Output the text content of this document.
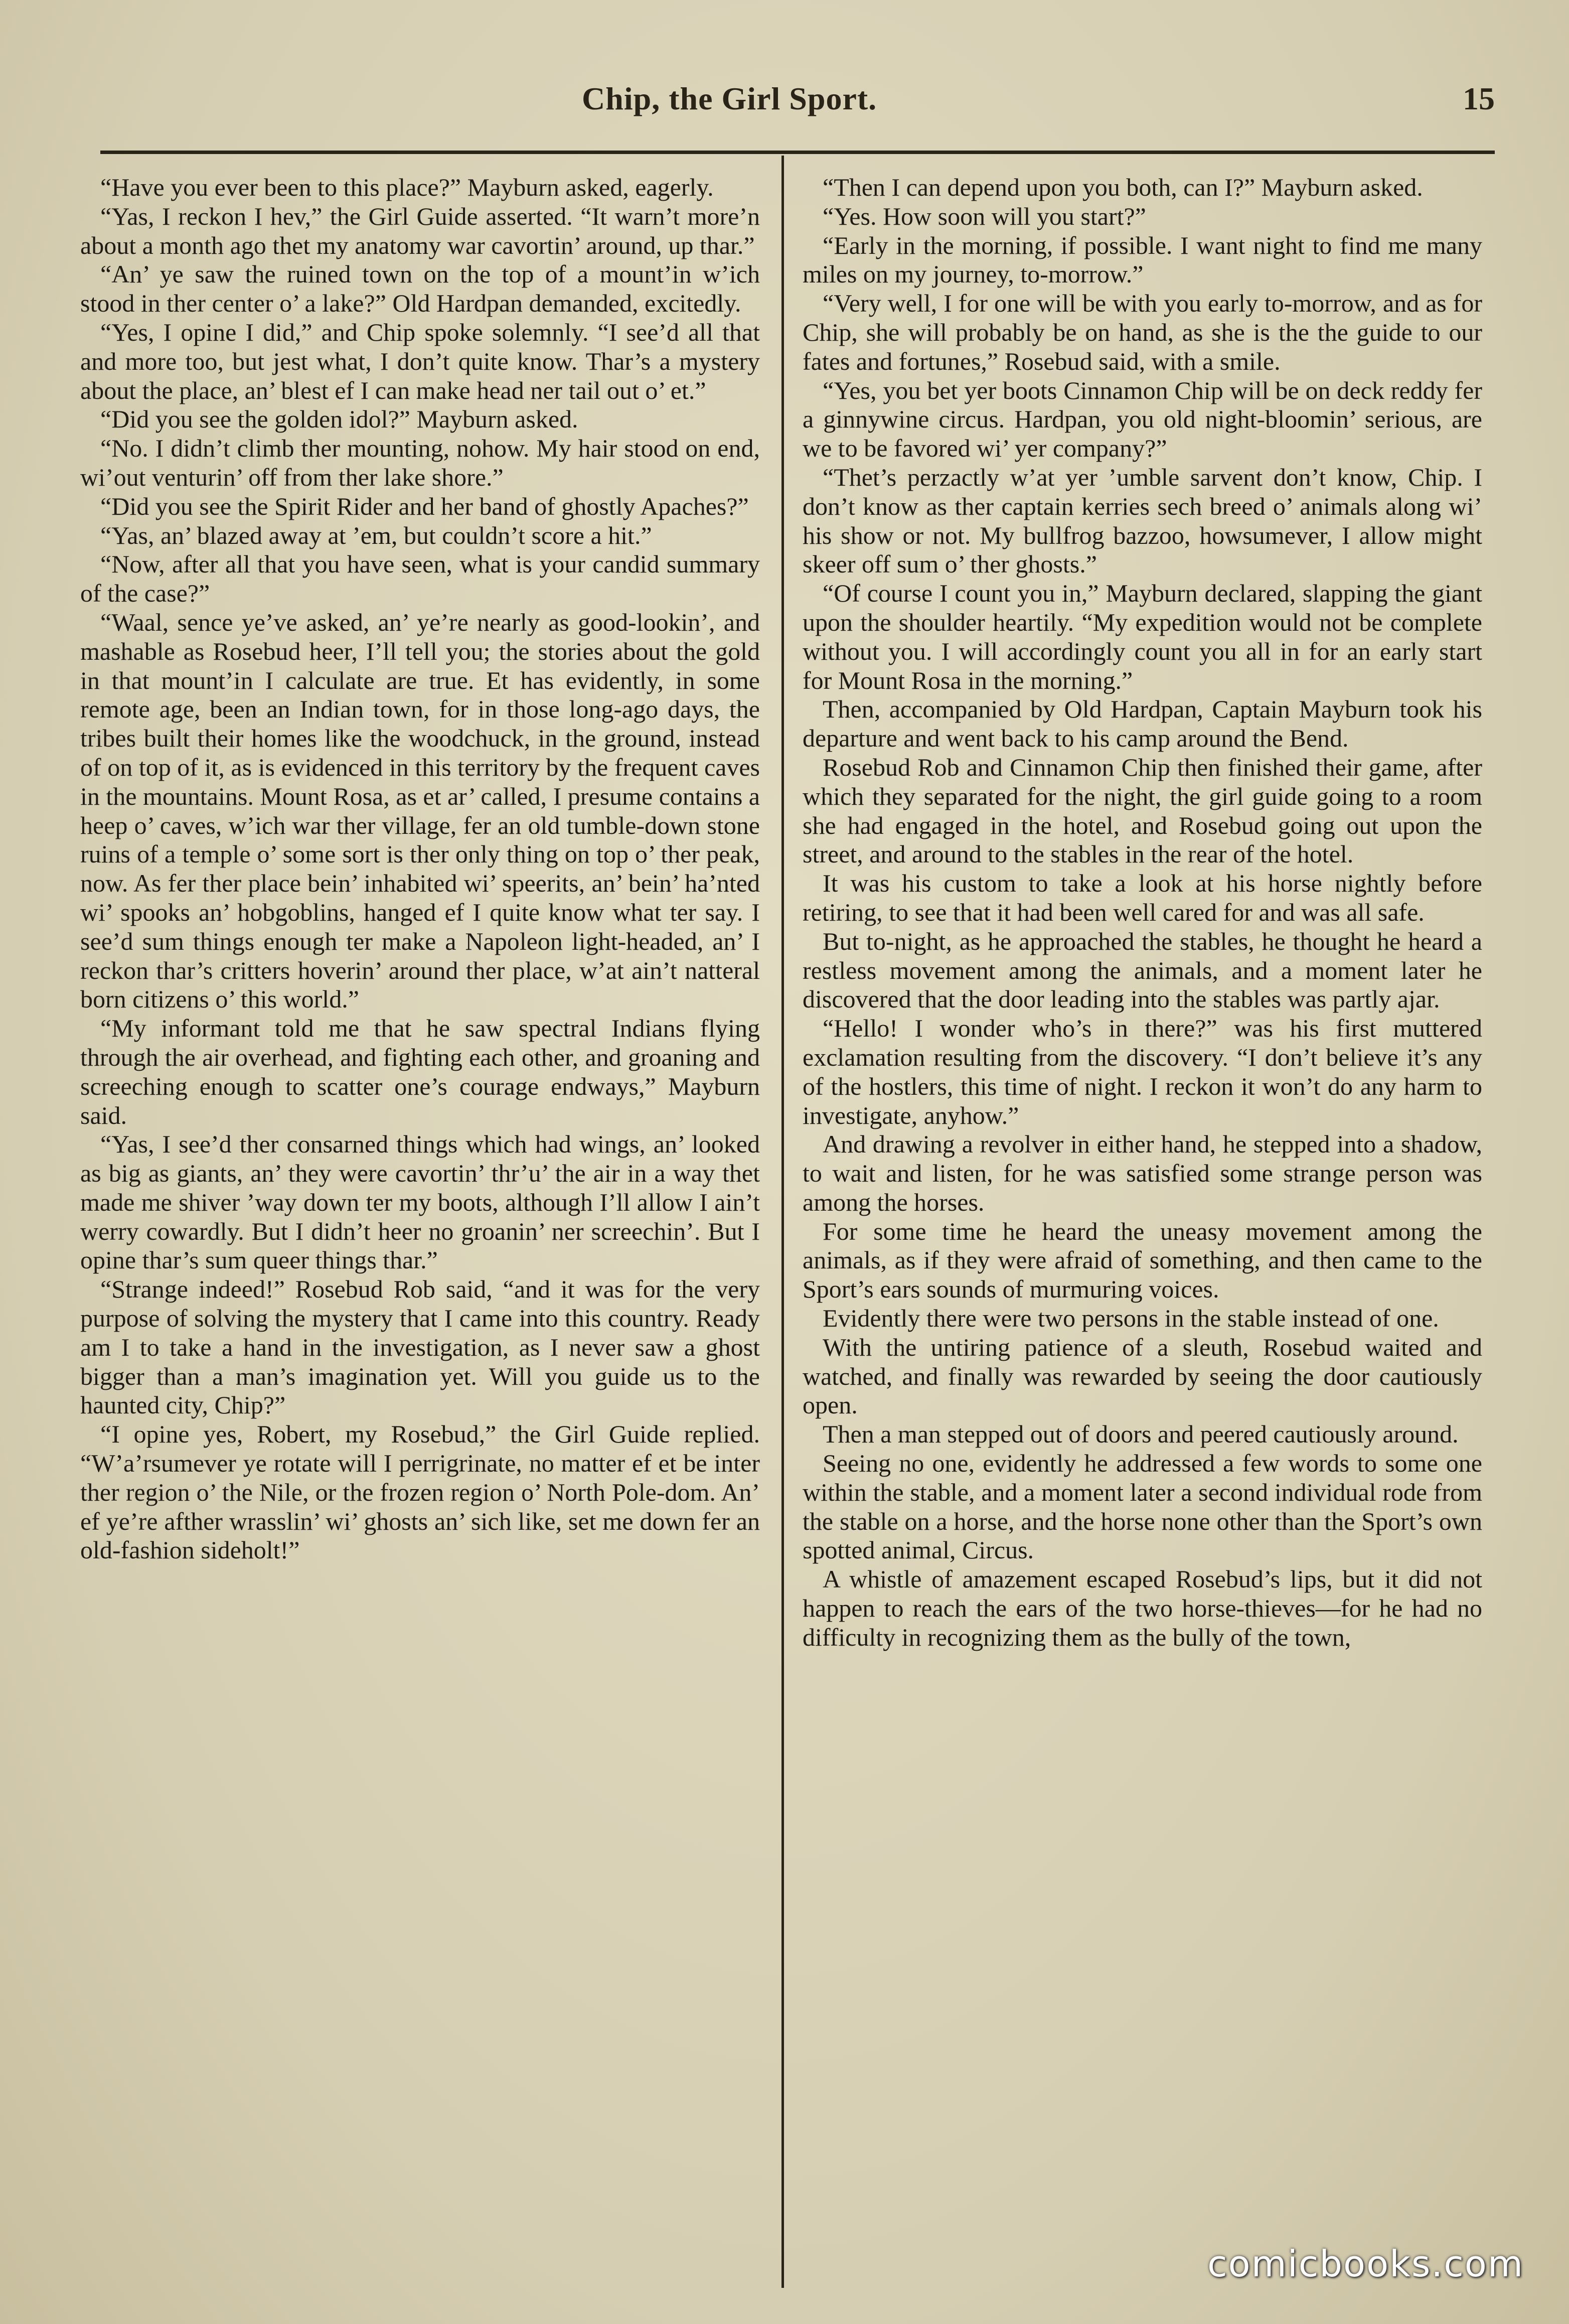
Chip, the Girl Sport.	15

“Have you ever been to this place?” Mayburn asked, eagerly.

“Yas, I reckon I hev,” the Girl Guide asserted. “It warn’t more’n about a month ago thet my anatomy war cavortin’ around, up thar.”

“An’ ye saw the ruined town on the top of a mount’in w’ich stood in ther center o’ a lake?” Old Hardpan demanded, excitedly.

“Yes, I opine I did,” and Chip spoke solemnly. “I see’d all that and more too, but jest what, I don’t quite know. Thar’s a mystery about the place, an’ blest ef I can make head ner tail out o’ et.”

“Did you see the golden idol?” Mayburn asked.

“No. I didn’t climb ther mounting, nohow. My hair stood on end, wi’out venturin’ off from ther lake shore.”

“Did you see the Spirit Rider and her band of ghostly Apaches?”

“Yas, an’ blazed away at ’em, but couldn’t score a hit.”

“Now, after all that you have seen, what is your candid summary of the case?”

“Waal, sence ye’ve asked, an’ ye’re nearly as good-lookin’, and mashable as Rosebud heer, I’ll tell you; the stories about the gold in that mount’in I calculate are true. Et has evidently, in some remote age, been an Indian town, for in those long-ago days, the tribes built their homes like the woodchuck, in the ground, instead of on top of it, as is evidenced in this territory by the frequent caves in the mountains. Mount Rosa, as et ar’ called, I presume contains a heep o’ caves, w’ich war ther village, fer an old tumble-down stone ruins of a temple o’ some sort is ther only thing on top o’ ther peak, now. As fer ther place bein’ inhabited wi’ speerits, an’ bein’ ha’nted wi’ spooks an’ hobgoblins, hanged ef I quite know what ter say. I see’d sum things enough ter make a Napoleon light-headed, an’ I reckon thar’s critters hoverin’ around ther place, w’at ain’t natteral born citizens o’ this world.”

“My informant told me that he saw spectral Indians flying through the air overhead, and fighting each other, and groaning and screeching enough to scatter one’s courage endways,” Mayburn said.

“Yas, I see’d ther consarned things which had wings, an’ looked as big as giants, an’ they were cavortin’ thr’u’ the air in a way thet made me shiver ’way down ter my boots, although I’ll allow I ain’t werry cowardly. But I didn’t heer no groanin’ ner screechin’. But I opine thar’s sum queer things thar.”

“Strange indeed!” Rosebud Rob said, “and it was for the very purpose of solving the mystery that I came into this country. Ready am I to take a hand in the investigation, as I never saw a ghost bigger than a man’s imagination yet. Will you guide us to the haunted city, Chip?”

“I opine yes, Robert, my Rosebud,” the Girl Guide replied. “W’a’rsumever ye rotate will I perrigrinate, no matter ef et be inter ther region o’ the Nile, or the frozen region o’ North Pole-dom. An’ ef ye’re afther wrasslin’ wi’ ghosts an’ sich like, set me down fer an old-fashion sideholt!”

“Then I can depend upon you both, can I?” Mayburn asked.

“Yes. How soon will you start?”

“Early in the morning, if possible. I want night to find me many miles on my journey, to-morrow.”

“Very well, I for one will be with you early to-morrow, and as for Chip, she will probably be on hand, as she is the the guide to our fates and fortunes,” Rosebud said, with a smile.

“Yes, you bet yer boots Cinnamon Chip will be on deck reddy fer a ginnywine circus. Hardpan, you old night-bloomin’ serious, are we to be favored wi’ yer company?”

“Thet’s perzactly w’at yer ’umble sarvent don’t know, Chip. I don’t know as ther captain kerries sech breed o’ animals along wi’ his show or not. My bullfrog bazzoo, howsumever, I allow might skeer off sum o’ ther ghosts.”

“Of course I count you in,” Mayburn declared, slapping the giant upon the shoulder heartily. “My expedition would not be complete without you. I will accordingly count you all in for an early start for Mount Rosa in the morning.”

Then, accompanied by Old Hardpan, Captain Mayburn took his departure and went back to his camp around the Bend.

Rosebud Rob and Cinnamon Chip then finished their game, after which they separated for the night, the girl guide going to a room she had engaged in the hotel, and Rosebud going out upon the street, and around to the stables in the rear of the hotel.

It was his custom to take a look at his horse nightly before retiring, to see that it had been well cared for and was all safe.

But to-night, as he approached the stables, he thought he heard a restless movement among the animals, and a moment later he discovered that the door leading into the stables was partly ajar.

“Hello! I wonder who’s in there?” was his first muttered exclamation resulting from the discovery. “I don’t believe it’s any of the hostlers, this time of night. I reckon it won’t do any harm to investigate, anyhow.”

And drawing a revolver in either hand, he stepped into a shadow, to wait and listen, for he was satisfied some strange person was among the horses.

For some time he heard the uneasy movement among the animals, as if they were afraid of something, and then came to the Sport’s ears sounds of murmuring voices.

Evidently there were two persons in the stable instead of one.

With the untiring patience of a sleuth, Rosebud waited and watched, and finally was rewarded by seeing the door cautiously open.

Then a man stepped out of doors and peered cautiously around.

Seeing no one, evidently he addressed a few words to some one within the stable, and a moment later a second individual rode from the stable on a horse, and the horse none other than the Sport’s own spotted animal, Circus.

A whistle of amazement escaped Rosebud’s lips, but it did not happen to reach the ears of the two horse-thieves—for he had no difficulty in recognizing them as the bully of the town,

comicbooks.com
